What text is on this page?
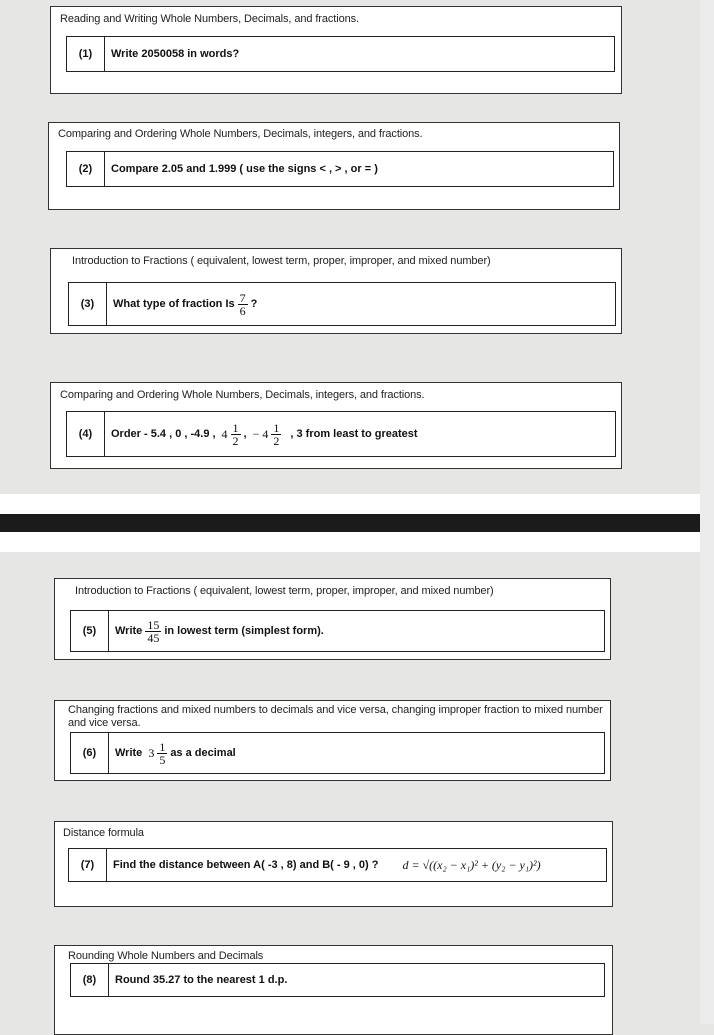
Reading and Writing Whole Numbers, Decimals, and fractions.
(1)	Write 2050058 in words?
Comparing and Ordering Whole Numbers, Decimals, integers, and fractions.
(2)	Compare 2.05 and 1.999 ( use the signs < , > , or = )
Introduction to Fractions ( equivalent, lowest term, proper, improper, and mixed number)
(3)	What type of fraction Is $\frac{7}{6}$ ?
Comparing and Ordering Whole Numbers, Decimals, integers, and fractions.
(4)	Order - 5.4 , 0 , -4.9 , $4 \frac{1}{2}$ , − $4 \frac{1}{2}$ , 3 from least to greatest
Introduction to Fractions ( equivalent, lowest term, proper, improper, and mixed number)
(5)	Write $\frac{15}{45}$ in lowest term (simplest form).
Changing fractions and mixed numbers to decimals and vice versa, changing improper fraction to mixed number and vice versa.
(6)	Write $3 \frac{1}{5}$ as a decimal
Distance formula
(7)	Find the distance between A( -3 , 8) and B( - 9 , 0) ? d = √((x₂ − x₁)² + (y₂ − y₁)²)
Rounding Whole Numbers and Decimals
(8)	Round 35.27 to the nearest 1 d.p.
